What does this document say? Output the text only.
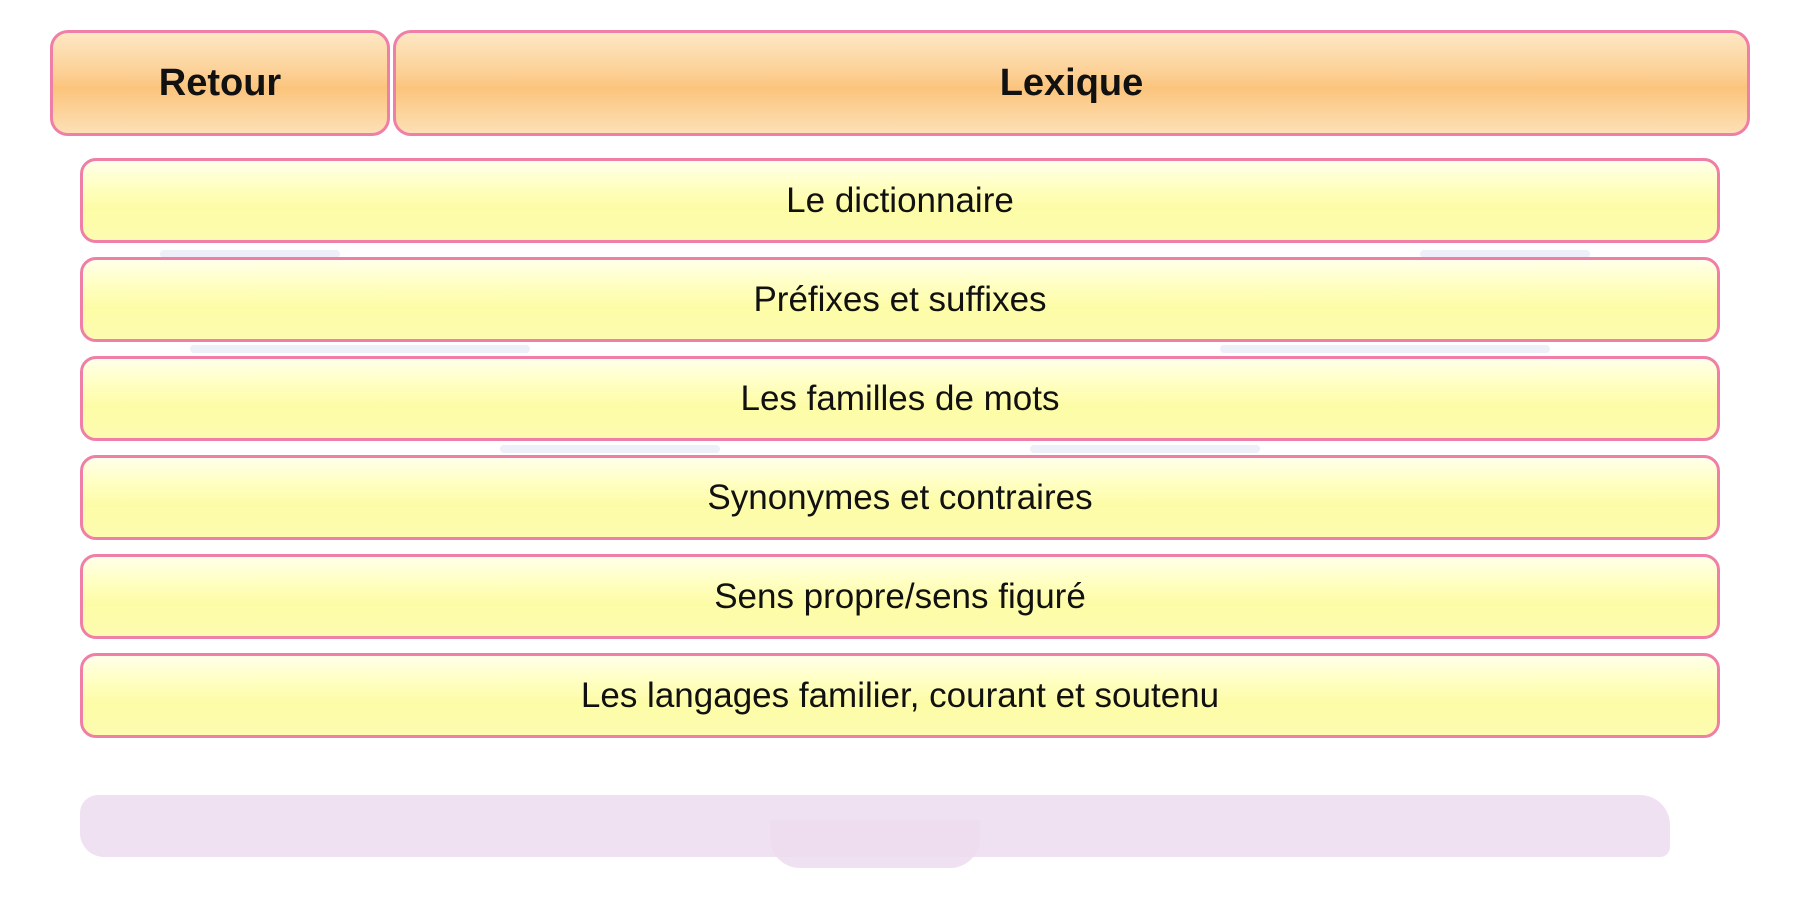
Retour	Lexique
Le dictionnaire
Préfixes et suffixes
Les familles de mots
Synonymes et contraires
Sens propre/sens figuré
Les langages familier, courant et soutenu
